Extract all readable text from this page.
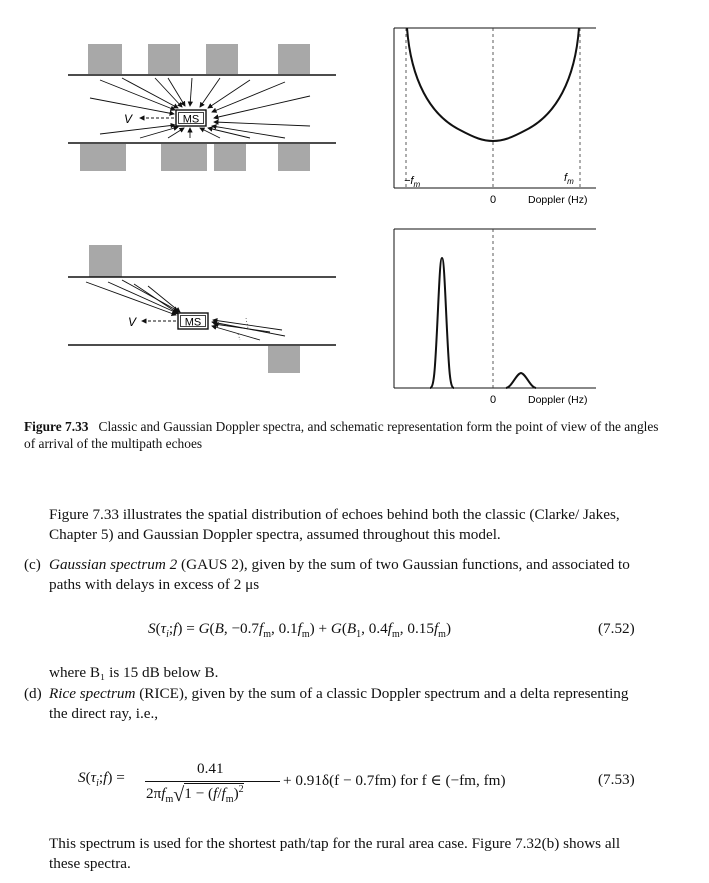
MS
V
MS
V
$-f_m$
$f_m$
0	Doppler (Hz)
0	Doppler (Hz)
Figure 7.33 Classic and Gaussian Doppler spectra, and schematic representation form the point of view of the angles of arrival of the multipath echoes
Figure 7.33 illustrates the spatial distribution of echoes behind both the classic (Clarke/ Jakes, Chapter 5) and Gaussian Doppler spectra, assumed throughout this model.
(c) Gaussian spectrum 2 (GAUS 2), given by the sum of two Gaussian functions, and associated to paths with delays in excess of 2 μs
$S(\tau_i;f) = G(B$, $-0.7f_m$, $0.1f_m) + G(B_1$, $0.4f_m$, $0.15f_m$)	(7.52)
where B₁ is 15 dB below B.
(d) Rice spectrum (RICE), given by the sum of a classic Doppler spectrum and a delta representing the direct ray, i.e.,
$S(\tau_i;f)$ =
0.41
$2\pi f_m√1 - (f/f_m)^2$
+ 0.91δ(f − 0.7fm) for f ∈ (−fm, fm)	(7.53)
This spectrum is used for the shortest path/tap for the rural area case. Figure 7.32(b) shows all these spectra.
